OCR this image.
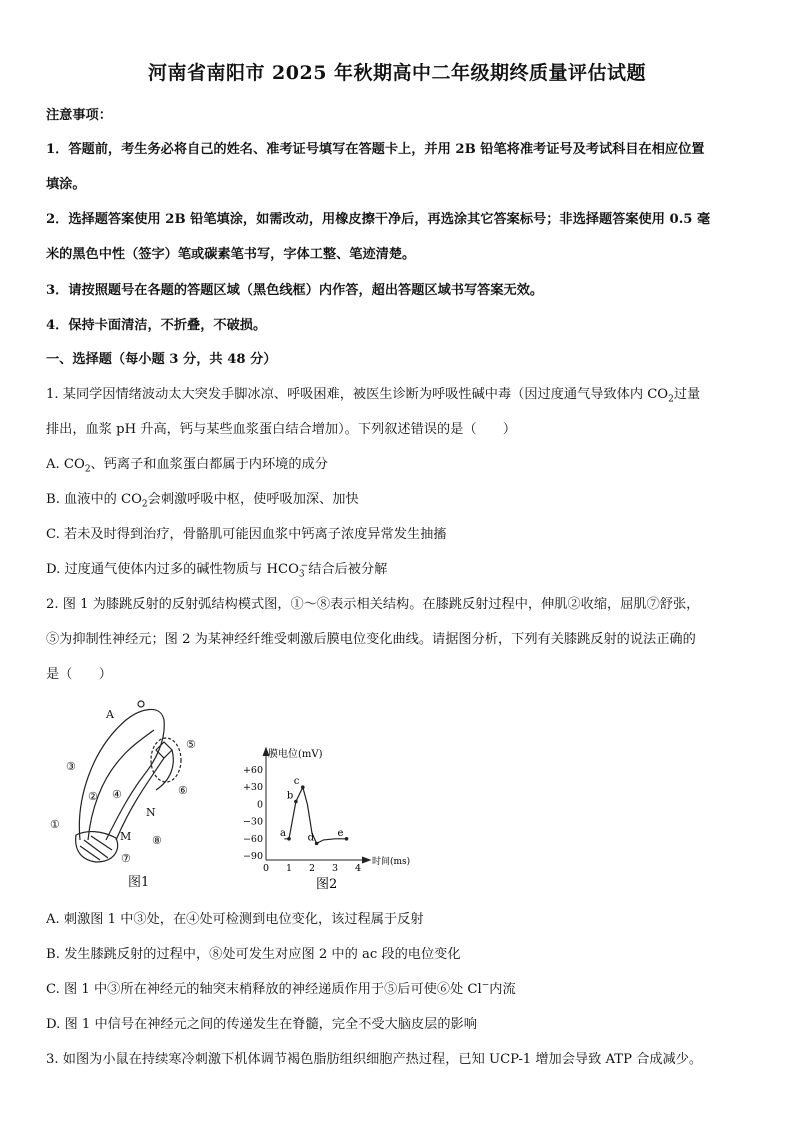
河南省南阳市 2025 年秋期高中二年级期终质量评估试题
注意事项：
1．答题前，考生务必将自己的姓名、准考证号填写在答题卡上，并用 2B 铅笔将准考证号及考试科目在相应位置
填涂。
2．选择题答案使用 2B 铅笔填涂，如需改动，用橡皮擦干净后，再选涂其它答案标号；非选择题答案使用 0.5 毫
米的黑色中性（签字）笔或碳素笔书写，字体工整、笔迹清楚。
3．请按照题号在各题的答题区域（黑色线框）内作答，超出答题区域书写答案无效。
4．保持卡面清洁，不折叠，不破损。
一、选择题（每小题 3 分，共 48 分）
1. 某同学因情绪波动太大突发手脚冰凉、呼吸困难，被医生诊断为呼吸性碱中毒（因过度通气导致体内 $CO_2$过量
排出，血浆 pH 升高，钙与某些血浆蛋白结合增加）。下列叙述错误的是（　　）
A. $CO_2$、钙离子和血浆蛋白都属于内环境的成分
B. 血液中的 $CO_2$会刺激呼吸中枢，使呼吸加深、加快
C. 若未及时得到治疗，骨骼肌可能因血浆中钙离子浓度异常发生抽搐
D. 过度通气使体内过多的碱性物质与 $HCO_3^-$结合后被分解
2. 图 1 为膝跳反射的反射弧结构模式图，①～⑧表示相关结构。在膝跳反射过程中，伸肌②收缩，屈肌⑦舒张，
⑤为抑制性神经元；图 2 为某神经纤维受刺激后膜电位变化曲线。请据图分析，下列有关膝跳反射的说法正确的
是（　　）
A
M
N
①
②
③
④
⑤
⑥
⑦
⑧
图1
膜电位(mV)
时间(ms)
+60
+30
0
−30
−60
−90
0 1 2 3 4
a
b
c
d e
图2
A. 刺激图 1 中③处，在④处可检测到电位变化，该过程属于反射
B. 发生膝跳反射的过程中，⑧处可发生对应图 2 中的 ac 段的电位变化
C. 图 1 中③所在神经元的轴突末梢释放的神经递质作用于⑤后可使⑥处 Cl−内流
D. 图 1 中信号在神经元之间的传递发生在脊髓，完全不受大脑皮层的影响
3. 如图为小鼠在持续寒冷刺激下机体调节褐色脂肪组织细胞产热过程，已知 UCP-1 增加会导致 ATP 合成减少。
